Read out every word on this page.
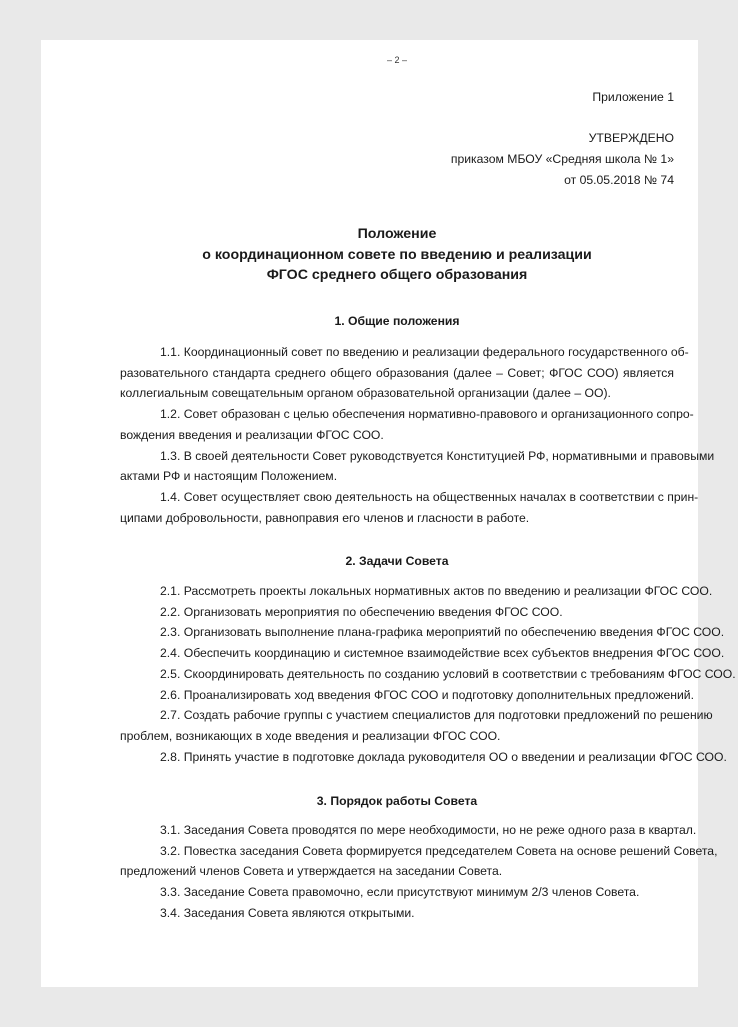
– 2 –
Приложение 1
УТВЕРЖДЕНО
приказом МБОУ «Средняя школа № 1»
от 05.05.2018 № 74
Положение
о координационном совете по введению и реализации
ФГОС среднего общего образования
1. Общие положения
1.1. Координационный совет по введению и реализации федерального государственного об-
разовательного стандарта среднего общего образования (далее – Совет; ФГОС СОО) является
коллегиальным совещательным органом образовательной организации (далее – ОО).
1.2. Совет образован с целью обеспечения нормативно-правового и организационного сопро-
вождения введения и реализации ФГОС СОО.
1.3. В своей деятельности Совет руководствуется Конституцией РФ, нормативными и правовыми
актами РФ и настоящим Положением.
1.4. Совет осуществляет свою деятельность на общественных началах в соответствии с прин-
ципами добровольности, равноправия его членов и гласности в работе.
2. Задачи Совета
2.1. Рассмотреть проекты локальных нормативных актов по введению и реализации ФГОС СОО.
2.2. Организовать мероприятия по обеспечению введения ФГОС СОО.
2.3. Организовать выполнение плана-графика мероприятий по обеспечению введения ФГОС СОО.
2.4. Обеспечить координацию и системное взаимодействие всех субъектов внедрения ФГОС СОО.
2.5. Скоординировать деятельность по созданию условий в соответствии с требованиям ФГОС СОО.
2.6. Проанализировать ход введения ФГОС СОО и подготовку дополнительных предложений.
2.7. Создать рабочие группы с участием специалистов для подготовки предложений по решению
проблем, возникающих в ходе введения и реализации ФГОС СОО.
2.8. Принять участие в подготовке доклада руководителя ОО о введении и реализации ФГОС СОО.
3. Порядок работы Совета
3.1. Заседания Совета проводятся по мере необходимости, но не реже одного раза в квартал.
3.2. Повестка заседания Совета формируется председателем Совета на основе решений Совета,
предложений членов Совета и утверждается на заседании Совета.
3.3. Заседание Совета правомочно, если присутствуют минимум 2/3 членов Совета.
3.4. Заседания Совета являются открытыми.
